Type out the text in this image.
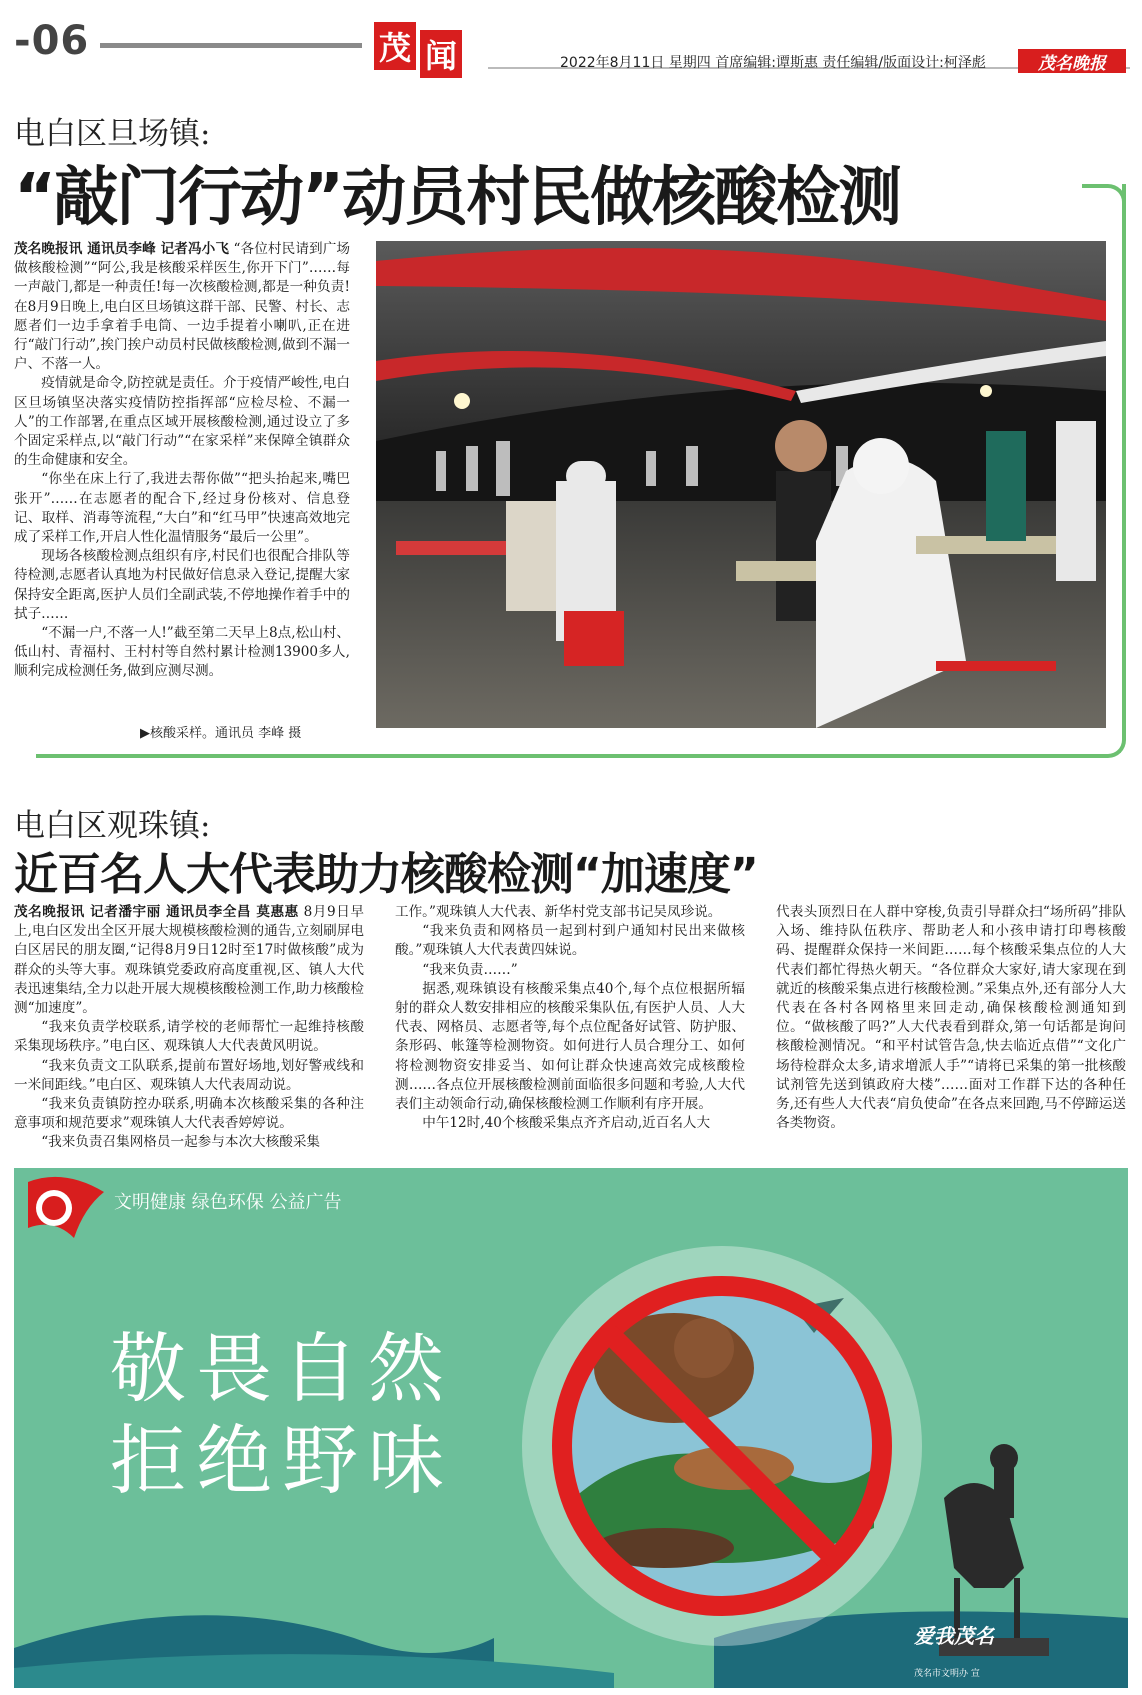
-06	茂 闻	2022年8月11日 星期四 首席编辑:谭斯惠 责任编辑/版面设计:柯泽彪	茂名晚报
电白区旦场镇:
“敲门行动”动员村民做核酸检测

茂名晚报讯 通讯员李峰 记者冯小飞 “各位村民请到广场做核酸检测”“阿公,我是核酸采样医生,你开下门”……每一声敲门,都是一种责任!每一次核酸检测,都是一种负责!在8月9日晚上,电白区旦场镇这群干部、民警、村长、志愿者们一边手拿着手电筒、一边手提着小喇叭,正在进行“敲门行动”,挨门挨户动员村民做核酸检测,做到不漏一户、不落一人。

疫情就是命令,防控就是责任。介于疫情严峻性,电白区旦场镇坚决落实疫情防控指挥部“应检尽检、不漏一人”的工作部署,在重点区域开展核酸检测,通过设立了多个固定采样点,以“敲门行动”“在家采样”来保障全镇群众的生命健康和安全。

“你坐在床上行了,我进去帮你做”“把头抬起来,嘴巴张开”……在志愿者的配合下,经过身份核对、信息登记、取样、消毒等流程,“大白”和“红马甲”快速高效地完成了采样工作,开启人性化温情服务“最后一公里”。

现场各核酸检测点组织有序,村民们也很配合排队等待检测,志愿者认真地为村民做好信息录入登记,提醒大家保持安全距离,医护人员们全副武装,不停地操作着手中的拭子……

“不漏一户,不落一人!”截至第二天早上8点,松山村、低山村、青福村、王村村等自然村累计检测13900多人,顺利完成检测任务,做到应测尽测。

▶核酸采样。通讯员 李峰 摄
电白区观珠镇:
近百名人大代表助力核酸检测“加速度”

茂名晚报讯 记者潘宇丽 通讯员李全昌 莫惠惠 8月9日早上,电白区发出全区开展大规模核酸检测的通告,立刻刷屏电白区居民的朋友圈,“记得8月9日12时至17时做核酸”成为群众的头等大事。观珠镇党委政府高度重视,区、镇人大代表迅速集结,全力以赴开展大规模核酸检测工作,助力核酸检测“加速度”。

“我来负责学校联系,请学校的老师帮忙一起维持核酸采集现场秩序。”电白区、观珠镇人大代表黄风明说。

“我来负责文工队联系,提前布置好场地,划好警戒线和一米间距线。”电白区、观珠镇人大代表周动说。

“我来负责镇防控办联系,明确本次核酸采集的各种注意事项和规范要求”观珠镇人大代表香婷婷说。

“我来负责召集网格员一起参与本次大核酸采集

工作。”观珠镇人大代表、新华村党支部书记吴凤珍说。

“我来负责和网格员一起到村到户通知村民出来做核酸。”观珠镇人大代表黄四妹说。

“我来负责……”

据悉,观珠镇设有核酸采集点40个,每个点位根据所辐射的群众人数安排相应的核酸采集队伍,有医护人员、人大代表、网格员、志愿者等,每个点位配备好试管、防护服、条形码、帐篷等检测物资。如何进行人员合理分工、如何将检测物资安排妥当、如何让群众快速高效完成核酸检测……各点位开展核酸检测前面临很多问题和考验,人大代表们主动领命行动,确保核酸检测工作顺利有序开展。

中午12时,40个核酸采集点齐齐启动,近百名人大

代表头顶烈日在人群中穿梭,负责引导群众扫“场所码”排队入场、维持队伍秩序、帮助老人和小孩申请打印粤核酸码、提醒群众保持一米间距……每个核酸采集点位的人大代表们都忙得热火朝天。“各位群众大家好,请大家现在到就近的核酸采集点进行核酸检测。”采集点外,还有部分人大代表在各村各网格里来回走动,确保核酸检测通知到位。“做核酸了吗?”人大代表看到群众,第一句话都是询问核酸检测情况。“和平村试管告急,快去临近点借”“文化广场待检群众太多,请求增派人手”“请将已采集的第一批核酸试剂管先送到镇政府大楼”……面对工作群下达的各种任务,还有些人大代表“肩负使命”在各点来回跑,马不停蹄运送各类物资。

文明健康 绿色环保 公益广告
敬畏自然
拒绝野味
爱我茂名
茂名市文明办 宣
